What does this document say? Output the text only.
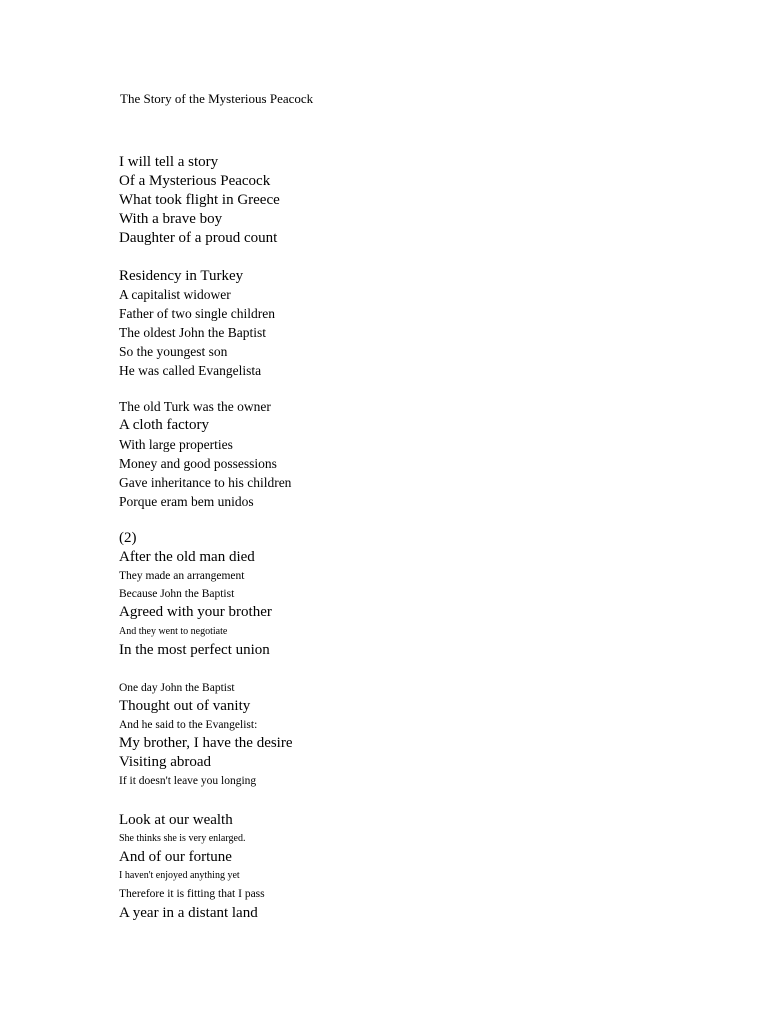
The Story of the Mysterious Peacock
I will tell a story
Of a Mysterious Peacock
What took flight in Greece
With a brave boy
Daughter of a proud count
Residency in Turkey
A capitalist widower
Father of two single children
The oldest John the Baptist
So the youngest son
He was called Evangelista
The old Turk was the owner
A cloth factory
With large properties
Money and good possessions
Gave inheritance to his children
Porque eram bem unidos
(2)
After the old man died
They made an arrangement
Because John the Baptist
Agreed with your brother
And they went to negotiate
In the most perfect union
One day John the Baptist
Thought out of vanity
And he said to the Evangelist:
My brother, I have the desire
Visiting abroad
If it doesn't leave you longing
Look at our wealth
She thinks she is very enlarged.
And of our fortune
I haven't enjoyed anything yet
Therefore it is fitting that I pass
A year in a distant land
